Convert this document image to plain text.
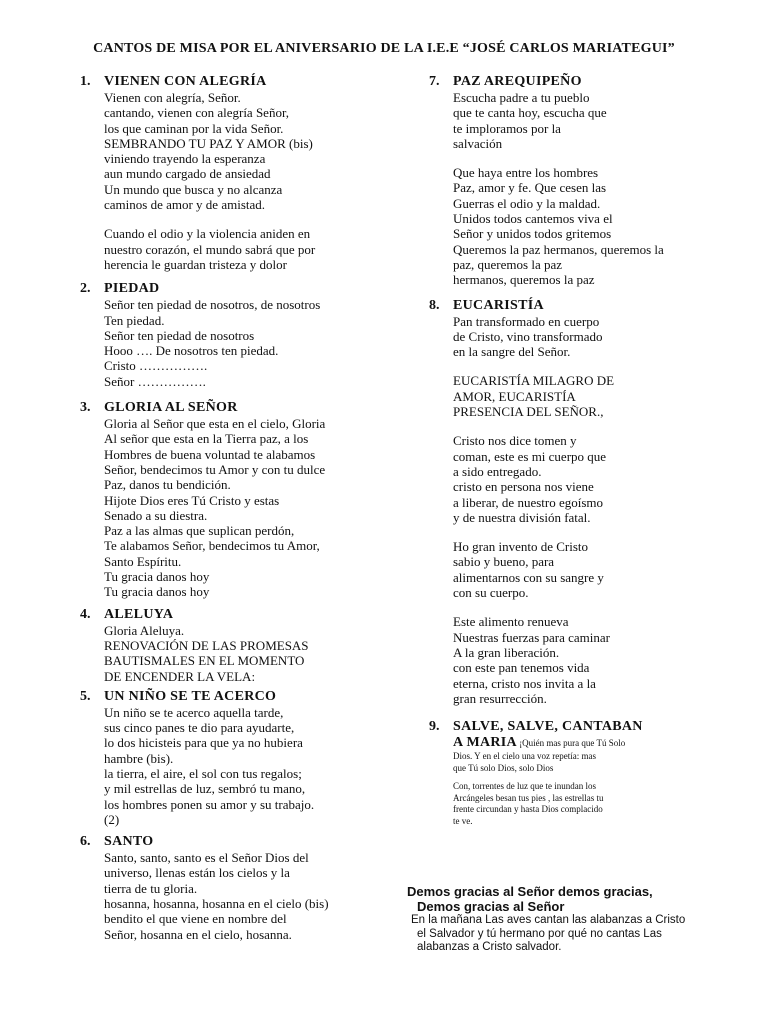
CANTOS DE MISA POR EL ANIVERSARIO DE LA I.E.E “JOSÉ CARLOS MARIATEGUI”
1. VIENEN CON ALEGRÍA
Vienen con alegría, Señor.
cantando, vienen con alegría Señor,
los que caminan por la vida Señor.
SEMBRANDO TU PAZ Y AMOR (bis)
viniendo trayendo la esperanza
aun mundo cargado de ansiedad
Un mundo que busca y no alcanza
caminos de amor y de amistad.
Cuando el odio y la violencia aniden en
nuestro corazón, el mundo sabrá que por
herencia le guardan tristeza y dolor
2. PIEDAD
Señor ten piedad de nosotros, de nosotros
Ten piedad.
Señor ten piedad de nosotros
Hooo …. De nosotros ten piedad.
Cristo …………….
Señor …………….
3. GLORIA AL SEÑOR
Gloria al Señor que esta en el cielo, Gloria
Al señor que esta en la Tierra paz, a los
Hombres de buena voluntad te alabamos
Señor, bendecimos tu Amor y con tu dulce
Paz, danos tu bendición.
Hijote Dios eres Tú Cristo y estas
Senado a su diestra.
Paz a las almas que suplican perdón,
Te alabamos Señor, bendecimos tu Amor,
Santo Espíritu.
Tu gracia danos hoy
Tu gracia danos hoy
4. ALELUYA
Gloria Aleluya.
RENOVACIÓN DE LAS PROMESAS
BAUTISMALES EN EL MOMENTO
DE ENCENDER LA VELA:
5. UN NIÑO SE TE ACERCO
Un niño se te acerco aquella tarde,
sus cinco panes te dio para ayudarte,
lo dos hicisteis para que ya no hubiera
hambre (bis).
la tierra, el aire, el sol con tus regalos;
y mil estrellas de luz, sembró tu mano,
los hombres ponen su amor y su trabajo.
(2)
6. SANTO
Santo, santo, santo es el Señor Dios del
universo, llenas están los cielos y la
tierra de tu gloria.
hosanna, hosanna, hosanna en el cielo (bis)
bendito el que viene en nombre del
Señor, hosanna en el cielo, hosanna.
7. PAZ AREQUIPEÑO
Escucha padre a tu pueblo
que te canta hoy, escucha que
te imploramos por la
salvación
Que haya entre los hombres
Paz, amor y fe. Que cesen las
Guerras el odio y la maldad.
Unidos todos cantemos viva el
Señor y unidos todos gritemos
Queremos la paz hermanos, queremos la
paz, queremos la paz
hermanos, queremos la paz
8. EUCARISTÍA
Pan transformado en cuerpo
de Cristo, vino transformado
en la sangre del Señor.
EUCARISTÍA MILAGRO DE
AMOR, EUCARISTÍA
PRESENCIA DEL SEÑOR.,
Cristo nos dice tomen y
coman, este es mi cuerpo que
a sido entregado.
cristo en persona nos viene
a liberar, de nuestro egoísmo
y de nuestra división fatal.
Ho gran invento de Cristo
sabio y bueno, para
alimentarnos con su sangre y
con su cuerpo.
Este alimento renueva
Nuestras fuerzas para caminar
A la gran liberación.
con este pan tenemos vida
eterna, cristo nos invita a la
gran resurrección.
9. SALVE, SALVE, CANTABAN
A MARIA ¡Quién mas pura que Tú Solo
Dios. Y en el cielo una voz repetía: mas
que Tú solo Dios, solo Dios
Con, torrentes de luz que te inundan los
Arcángeles besan tus pies , las estrellas tu
frente circundan y hasta Dios complacido
te ve.
Demos gracias al Señor demos gracias,
Demos gracias al Señor
En la mañana Las aves cantan las alabanzas a Cristo
el Salvador y tú hermano por qué no cantas Las
alabanzas a Cristo salvador.
